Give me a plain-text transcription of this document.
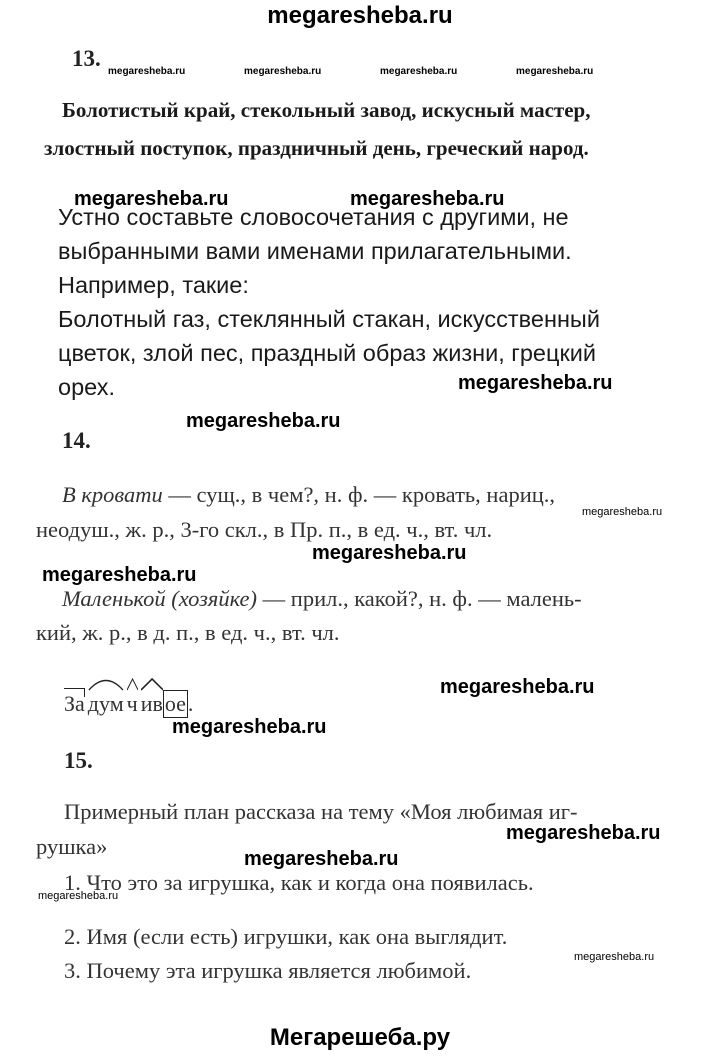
megaresheba.ru
13.
megaresheba.ru	megaresheba.ru	megaresheba.ru	megaresheba.ru
Болотистый край, стекольный завод, искусный мастер,
злостный поступок, праздничный день, греческий народ.
megaresheba.ru	megaresheba.ru
Устно составьте словосочетания с другими, не
выбранными вами именами прилагательными.
Например, такие:
Болотный газ, стеклянный стакан, искусственный
цветок, злой пес, праздный образ жизни, грецкий
орех.	megaresheba.ru
megaresheba.ru
14.
В кровати — сущ., в чем?, н. ф. — кровать, нариц.,
неодуш., ж. р., 3-го скл., в Пр. п., в ед. ч., вт. чл.
megaresheba.ru
megaresheba.ru
megaresheba.ru
Маленькой (хозяйке) — прил., какой?, н. ф. — малень-
кий, ж. р., в д. п., в ед. ч., вт. чл.
megaresheba.ru
За дум ч ивое.
megaresheba.ru
15.
Примерный план рассказа на тему «Моя любимая иг-
megaresheba.ru
рушка»	megaresheba.ru
1. Что это за игрушка, как и когда она появилась.
megaresheba.ru
2. Имя (если есть) игрушки, как она выглядит.
megaresheba.ru
3. Почему эта игрушка является любимой.
Мегарешеба.ру
